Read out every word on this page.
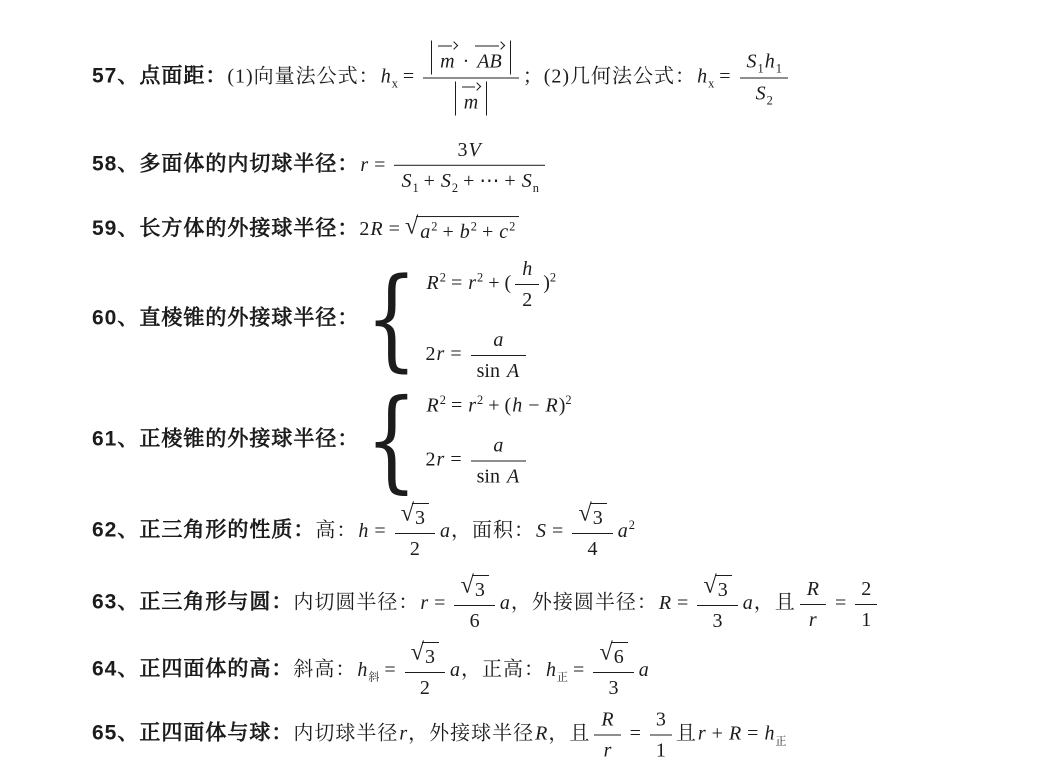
57、点面距：(1)向量法公式：$h_x = \frac{m \cdot AB}{m}$ ；(2)几何法公式：$h_x = \frac{S_1h_1}{S_2}$
58、多面体的内切球半径：$r = \frac{3V}{S_1 + S_2 + \cdots + S_n}$
59、长方体的外接球半径：2R = √ $a^2 + b^2 + c^2$
60、直棱锥的外接球半径： { $R^2 = r^2$ + ( $\frac{h}{2} )^2$
$2r = \frac{a}{\text{sin A}}$
61、正棱锥的外接球半径： { $R^2 = r^2 + (h - R)^2$
$2r = \frac{a}{\text{sin A}}$
62、正三角形的性质：高：$h = \frac{√ 3}{2}$ a，面积：$S = \frac{√ 3}{4} a^2$
63、正三角形与圆：内切圆半径：$r = \frac{√ 3}{6}$ a，外接圆半径：$R = \frac{√ 3}{3}$ a，且 $\frac{R}{r} = \frac{2}{1}$
64、正四面体的高：斜高：$h_斜 = \frac{√ 3}{2}$ a，正高：$h_正 = \frac{√ 6}{3}$ a
65、正四面体与球：内切球半径r，外接球半径R，且 $\frac{R}{r} = \frac{3}{1}$ 且$r + R = h_正$
